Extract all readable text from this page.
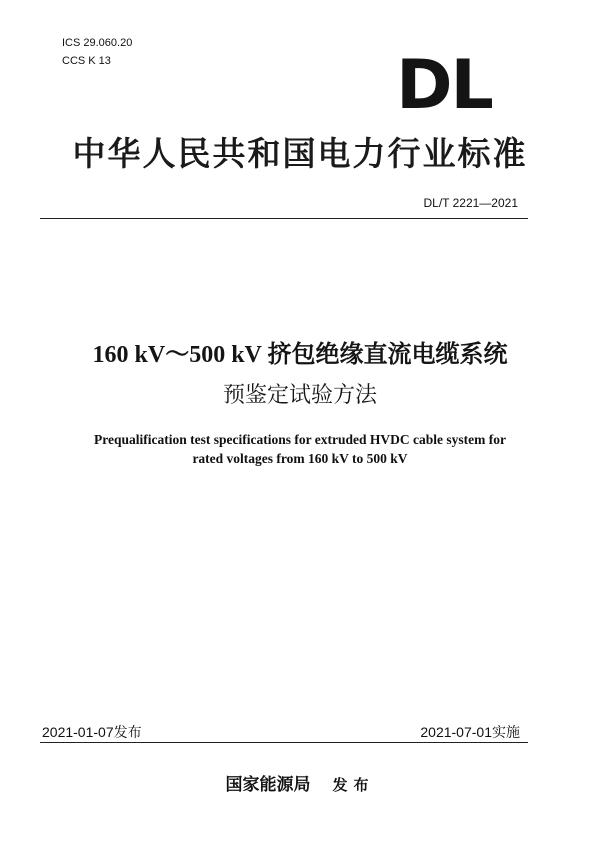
ICS 29.060.20
CCS K 13	DL
中华人民共和国电力行业标准
DL/T 2221—2021
160 kV～500 kV 挤包绝缘直流电缆系统
预鉴定试验方法
Prequalification test specifications for extruded HVDC cable system for
rated voltages from 160 kV to 500 kV
2021-01-07发布	2021-07-01实施
国家能源局 发布
